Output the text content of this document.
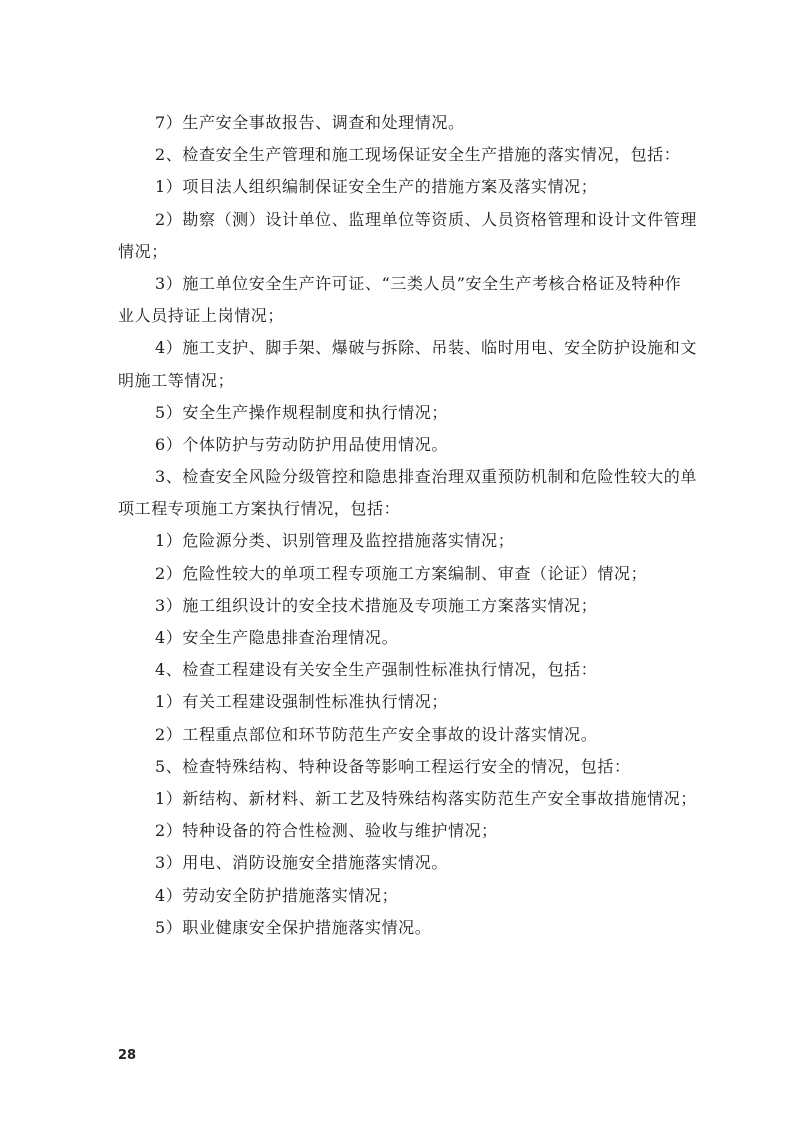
7）生产安全事故报告、调查和处理情况。
2、检查安全生产管理和施工现场保证安全生产措施的落实情况，包括：
1）项目法人组织编制保证安全生产的措施方案及落实情况；
2）勘察（测）设计单位、监理单位等资质、人员资格管理和设计文件管理
情况；
3）施工单位安全生产许可证、“三类人员”安全生产考核合格证及特种作
业人员持证上岗情况；
4）施工支护、脚手架、爆破与拆除、吊装、临时用电、安全防护设施和文
明施工等情况；
5）安全生产操作规程制度和执行情况；
6）个体防护与劳动防护用品使用情况。
3、检查安全风险分级管控和隐患排查治理双重预防机制和危险性较大的单
项工程专项施工方案执行情况，包括：
1）危险源分类、识别管理及监控措施落实情况；
2）危险性较大的单项工程专项施工方案编制、审查（论证）情况；
3）施工组织设计的安全技术措施及专项施工方案落实情况；
4）安全生产隐患排查治理情况。
4、检查工程建设有关安全生产强制性标准执行情况，包括：
1）有关工程建设强制性标准执行情况；
2）工程重点部位和环节防范生产安全事故的设计落实情况。
5、检查特殊结构、特种设备等影响工程运行安全的情况，包括：
1）新结构、新材料、新工艺及特殊结构落实防范生产安全事故措施情况；
2）特种设备的符合性检测、验收与维护情况；
3）用电、消防设施安全措施落实情况。
4）劳动安全防护措施落实情况；
5）职业健康安全保护措施落实情况。
28
